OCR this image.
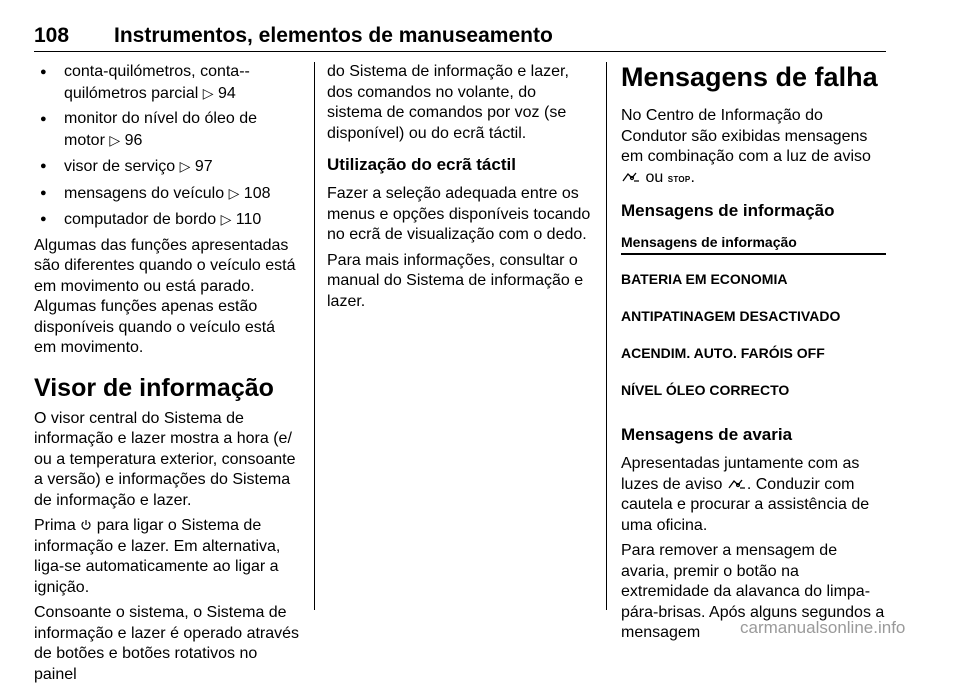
108 Instrumentos, elementos de manuseamento
● conta-quilómetros, conta--quilómetros parcial ▷ 94
● monitor do nível do óleo de motor ▷ 96
● visor de serviço ▷ 97
● mensagens do veículo ▷ 108
● computador de bordo ▷ 110

Algumas das funções apresentadas são diferentes quando o veículo está em movimento ou está parado. Algumas funções apenas estão disponíveis quando o veículo está em movimento.

Visor de informação

O visor central do Sistema de informação e lazer mostra a hora (e/ ou a temperatura exterior, consoante a versão) e informações do Sistema de informação e lazer.

Prima para ligar o Sistema de informação e lazer. Em alternativa, liga-se automaticamente ao ligar a ignição.

Consoante o sistema, o Sistema de informação e lazer é operado através de botões e botões rotativos no painel

do Sistema de informação e lazer, dos comandos no volante, do sistema de comandos por voz (se disponível) ou do ecrã táctil.

Utilização do ecrã táctil

Fazer a seleção adequada entre os menus e opções disponíveis tocando no ecrã de visualização com o dedo.

Para mais informações, consultar o manual do Sistema de informação e lazer.

Mensagens de falha

No Centro de Informação do Condutor são exibidas mensagens em combinação com a luz de aviso  ou STOP.

Mensagens de informação
Mensagens de informação
BATERIA EM ECONOMIA
ANTIPATINAGEM DESACTIVADO
ACENDIM. AUTO. FARÓIS OFF
NÍVEL ÓLEO CORRECTO
Mensagens de avaria

Apresentadas juntamente com as luzes de aviso . Conduzir com cautela e procurar a assistência de uma oficina.

Para remover a mensagem de avaria, premir o botão na extremidade da alavanca do limpa-pára-brisas. Após alguns segundos a mensagem	carmanualsonline.info
